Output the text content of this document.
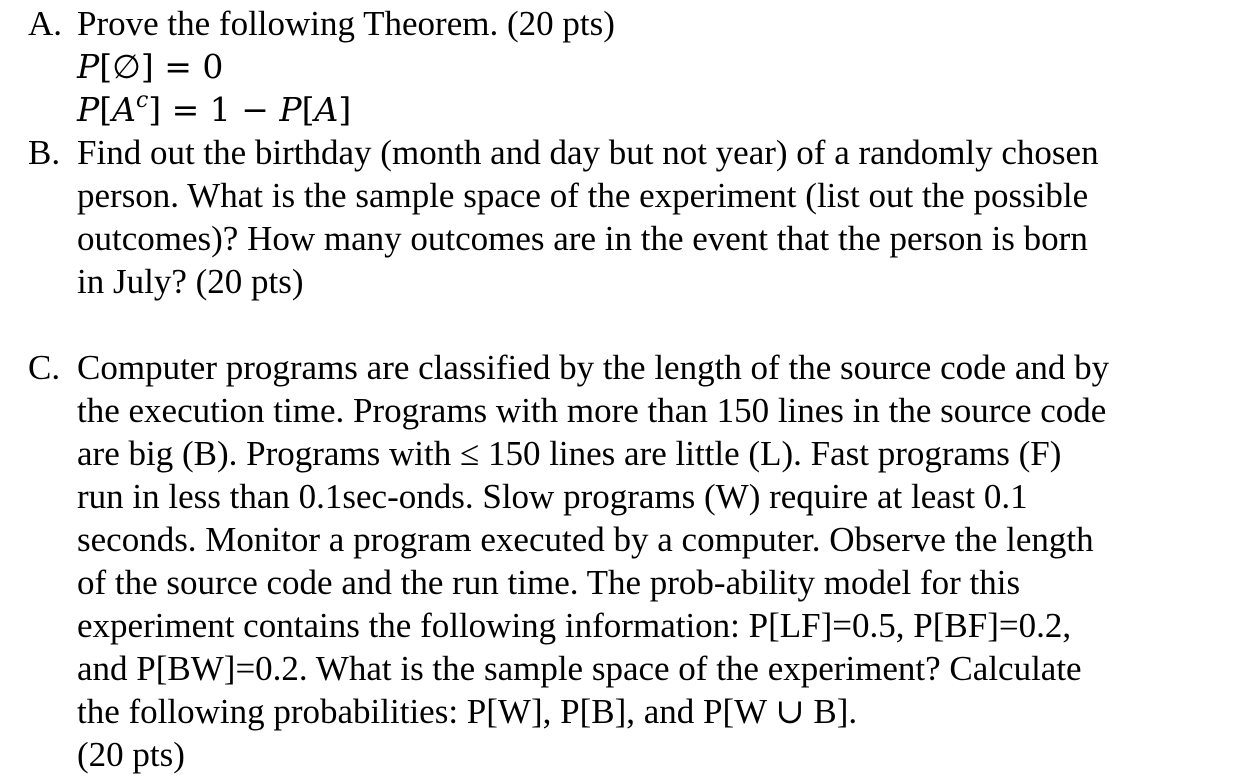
A. Prove the following Theorem. (20 pts)
P[∅] = 0
$P[A^c] = 1 - P[A]$
B. Find out the birthday (month and day but not year) of a randomly chosen
person. What is the sample space of the experiment (list out the possible
outcomes)? How many outcomes are in the event that the person is born
in July? (20 pts)
C. Computer programs are classified by the length of the source code and by
the execution time. Programs with more than 150 lines in the source code
are big (B). Programs with ≤ 150 lines are little (L). Fast programs (F)
run in less than 0.1sec-onds. Slow programs (W) require at least 0.1
seconds. Monitor a program executed by a computer. Observe the length
of the source code and the run time. The prob-ability model for this
experiment contains the following information: P[LF]=0.5, P[BF]=0.2,
and P[BW]=0.2. What is the sample space of the experiment? Calculate
the following probabilities: P[W], P[B], and P[W ∪ B].
(20 pts)
